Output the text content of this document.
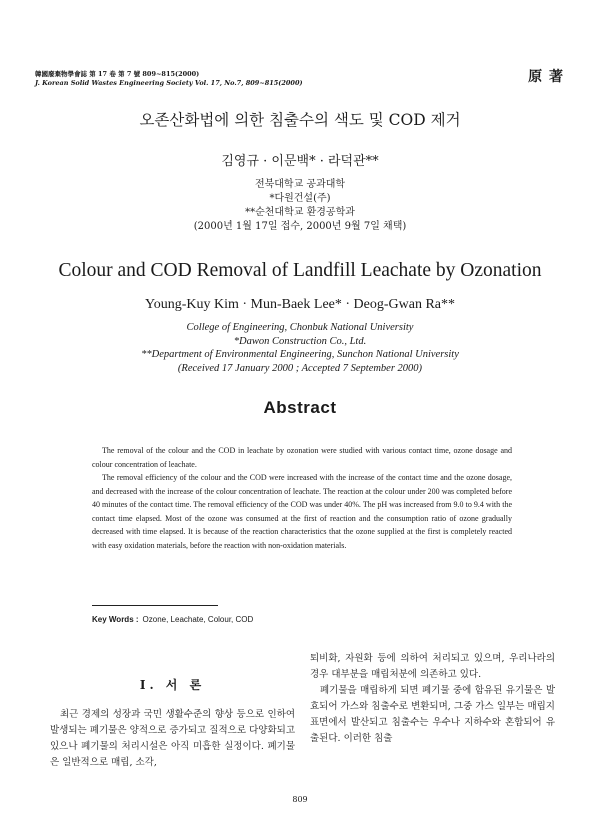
韓國廢棄物學會誌 第 17 卷 第 7 號 809~815(2000)
J. Korean Solid Wastes Engineering Society Vol. 17, No.7, 809~815(2000)	原 著
오존산화법에 의한 침출수의 색도 및 COD 제거
김영규 · 이문백* · 라덕관**
전북대학교 공과대학
*다원건설(주)
**순천대학교 환경공학과
(2000년 1월 17일 접수, 2000년 9월 7일 채택)
Colour and COD Removal of Landfill Leachate by Ozonation
Young-Kuy Kim · Mun-Baek Lee* · Deog-Gwan Ra**
College of Engineering, Chonbuk National University
*Dawon Construction Co., Ltd.
**Department of Environmental Engineering, Sunchon National University
(Received 17 January 2000 ; Accepted 7 September 2000)
Abstract

The removal of the colour and the COD in leachate by ozonation were studied with various contact time, ozone dosage and colour concentration of leachate.

The removal efficiency of the colour and the COD were increased with the increase of the contact time and the ozone dosage, and decreased with the increase of the colour concentration of leachate. The reaction at the colour under 200 was completed before 40 minutes of the contact time. The removal efficiency of the COD was under 40%. The pH was increased from 9.0 to 9.4 with the contact time elapsed. Most of the ozone was consumed at the first of reaction and the consumption ratio of ozone gradually decreased with time elapsed. It is because of the reaction characteristics that the ozone supplied at the first is completely reacted with easy oxidation materials, before the reaction with non-oxidation materials.

Key Words : Ozone, Leachate, Colour, COD
Ⅰ. 서 론

최근 경제의 성장과 국민 생활수준의 향상 등으로 인하여 발생되는 폐기물은 양적으로 증가되고 질적으로 다양화되고 있으나 폐기물의 처리시설은 아직 미흡한 실정이다. 폐기물은 일반적으로 매립, 소각,

퇴비화, 자원화 등에 의하여 처리되고 있으며, 우리나라의 경우 대부분을 매립처분에 의존하고 있다.

폐기물을 매립하게 되면 폐기물 중에 함유된 유기물은 발효되어 가스와 침출수로 변환되며, 그중 가스 일부는 매립지 표면에서 발산되고 침출수는 우수나 지하수와 혼합되어 유출된다. 이러한 침출

809
